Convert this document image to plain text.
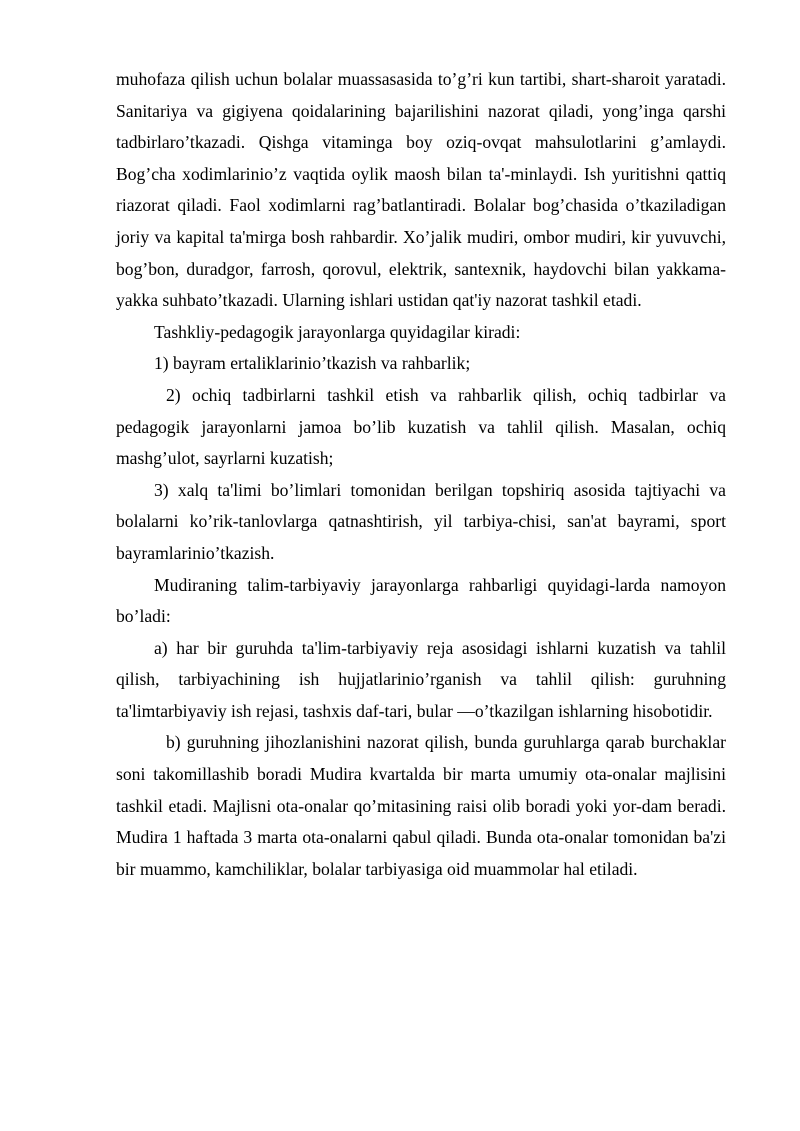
muhofaza qilish uchun bolalar muassasasida to’g’ri kun tartibi, shart-sharoit yaratadi. Sanitariya va gigiyena qoidalarining bajarilishini nazorat qiladi, yong’inga qarshi tadbirlaro’tkazadi. Qishga vitaminga boy oziq-ovqat mahsulotlarini g’amlaydi. Bog’cha xodimlarinio’z vaqtida oylik maosh bilan ta'-minlaydi. Ish yuritishni qattiq riazorat qiladi. Faol xodimlarni rag’batlantiradi. Bolalar bog’chasida o’tkaziladigan joriy va kapital ta'mirga bosh rahbardir. Xo’jalik mudiri, ombor mudiri, kir yuvuvchi, bog’bon, duradgor, farrosh, qorovul, elektrik, santexnik, haydovchi bilan yakkama-yakka suhbato’tkazadi. Ularning ishlari ustidan qat'iy nazorat tashkil etadi.

Tashkliy-pedagogik jarayonlarga quyidagilar kiradi:

1) bayram ertaliklarinio’tkazish va rahbarlik;

2) ochiq tadbirlarni tashkil etish va rahbarlik qilish, ochiq tadbirlar va pedagogik jarayonlarni jamoa bo’lib kuzatish va tahlil qilish. Masalan, ochiq mashg’ulot, sayrlarni kuzatish;

3) xalq ta'limi bo’limlari tomonidan berilgan topshiriq asosida tajtiyachi va bolalarni ko’rik-tanlovlarga qatnashtirish, yil tarbiya-chisi, san'at bayrami, sport bayramlarinio’tkazish.

Mudiraning talim-tarbiyaviy jarayonlarga rahbarligi quyidagi-larda namoyon bo’ladi:

a) har bir guruhda ta'lim-tarbiyaviy reja asosidagi ishlarni kuzatish va tahlil qilish, tarbiyachining ish hujjatlarinio’rganish va tahlil qilish: guruhning ta'limtarbiyaviy ish rejasi, tashxis daf-tari, bular —o’tkazilgan ishlarning hisobotidir.

b) guruhning jihozlanishini nazorat qilish, bunda guruhlarga qarab burchaklar soni takomillashib boradi Mudira kvartalda bir marta umumiy ota-onalar majlisini tashkil etadi. Majlisni ota-onalar qo’mitasining raisi olib boradi yoki yor-dam beradi. Mudira 1 haftada 3 marta ota-onalarni qabul qiladi. Bunda ota-onalar tomonidan ba'zi bir muammo, kamchiliklar, bolalar tarbiyasiga oid muammolar hal etiladi.
